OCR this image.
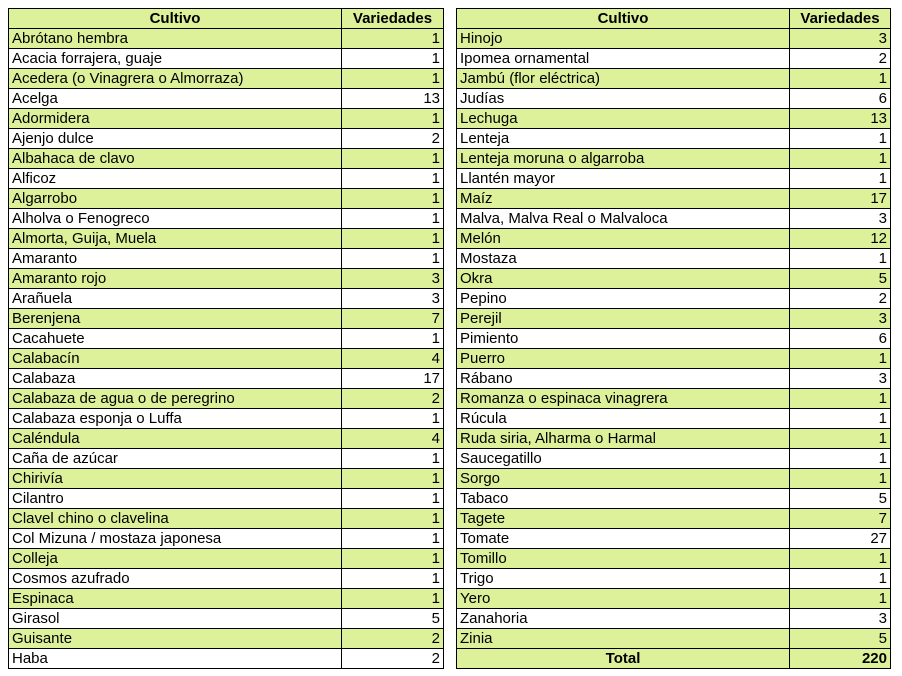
Cultivo	Variedades
Abrótano hembra	1
Acacia forrajera, guaje	1
Acedera (o Vinagrera o Almorraza)	1
Acelga	13
Adormidera	1
Ajenjo dulce	2
Albahaca de clavo	1
Alficoz	1
Algarrobo	1
Alholva o Fenogreco	1
Almorta, Guija, Muela	1
Amaranto	1
Amaranto rojo	3
Arañuela	3
Berenjena	7
Cacahuete	1
Calabacín	4
Calabaza	17
Calabaza de agua o de peregrino	2
Calabaza esponja o Luffa	1
Caléndula	4
Caña de azúcar	1
Chirivía	1
Cilantro	1
Clavel chino o clavelina	1
Col Mizuna / mostaza japonesa	1
Colleja	1
Cosmos azufrado	1
Espinaca	1
Girasol	5
Guisante	2
Haba	2
Cultivo	Variedades
Hinojo	3
Ipomea ornamental	2
Jambú (flor eléctrica)	1
Judías	6
Lechuga	13
Lenteja	1
Lenteja moruna o algarroba	1
Llantén mayor	1
Maíz	17
Malva, Malva Real o Malvaloca	3
Melón	12
Mostaza	1
Okra	5
Pepino	2
Perejil	3
Pimiento	6
Puerro	1
Rábano	3
Romanza o espinaca vinagrera	1
Rúcula	1
Ruda siria, Alharma o Harmal	1
Saucegatillo	1
Sorgo	1
Tabaco	5
Tagete	7
Tomate	27
Tomillo	1
Trigo	1
Yero	1
Zanahoria	3
Zinia	5
Total	220
